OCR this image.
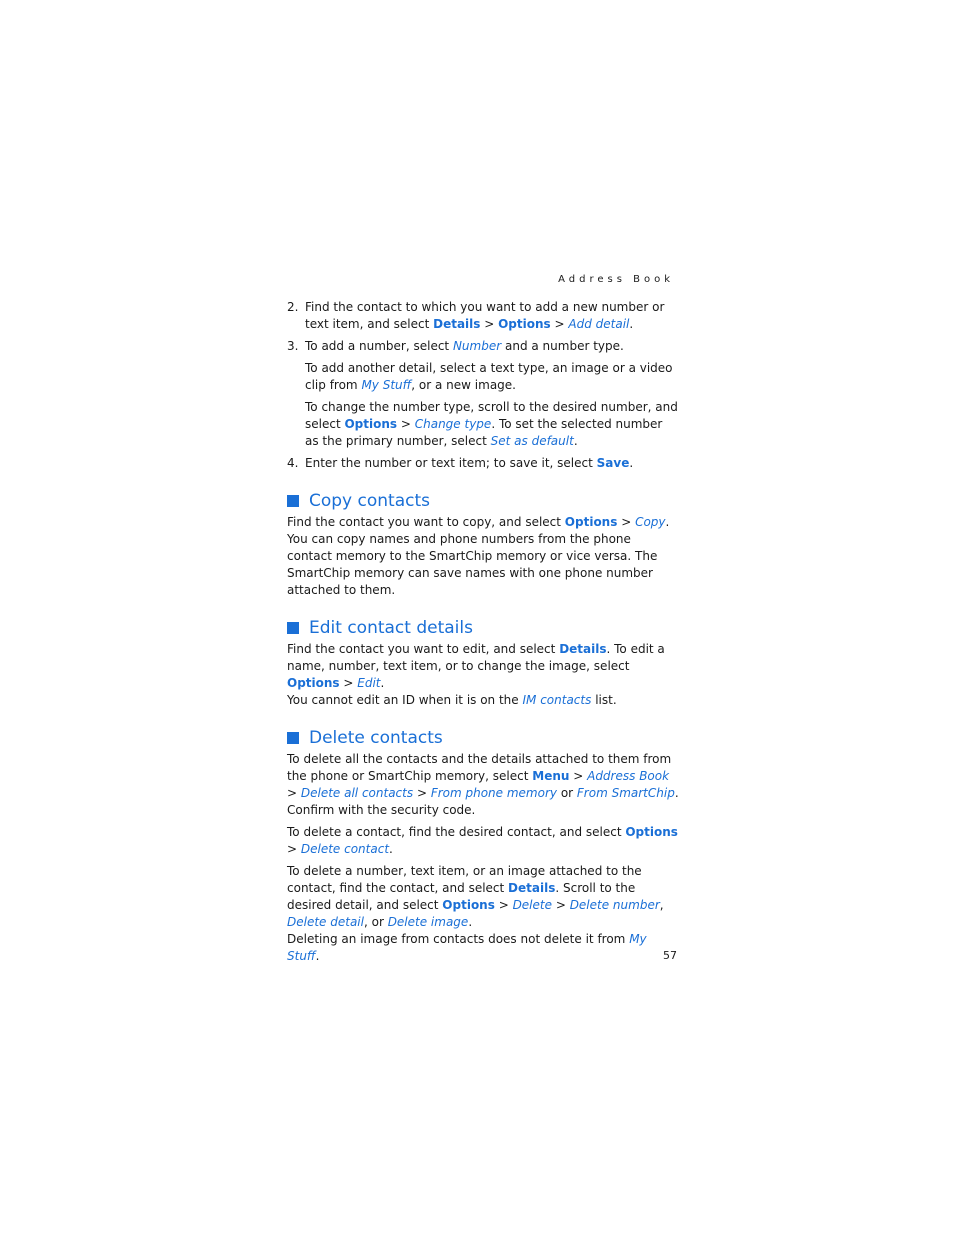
Address Book
2. Find the contact to which you want to add a new number or text item, and select Details > Options > Add detail.
3. To add a number, select Number and a number type.
To add another detail, select a text type, an image or a video clip from My Stuff, or a new image.
To change the number type, scroll to the desired number, and select Options > Change type. To set the selected number as the primary number, select Set as default.
4. Enter the number or text item; to save it, select Save.
Copy contacts

Find the contact you want to copy, and select Options > Copy. You can copy names and phone numbers from the phone contact memory to the SmartChip memory or vice versa. The SmartChip memory can save names with one phone number attached to them.

Edit contact details

Find the contact you want to edit, and select Details. To edit a name, number, text item, or to change the image, select Options > Edit.
You cannot edit an ID when it is on the IM contacts list.

Delete contacts

To delete all the contacts and the details attached to them from the phone or SmartChip memory, select Menu > Address Book > Delete all contacts > From phone memory or From SmartChip. Confirm with the security code.

To delete a contact, find the desired contact, and select Options > Delete contact.

To delete a number, text item, or an image attached to the contact, find the contact, and select Details. Scroll to the desired detail, and select Options > Delete > Delete number, Delete detail, or Delete image.
Deleting an image from contacts does not delete it from My Stuff.	57
